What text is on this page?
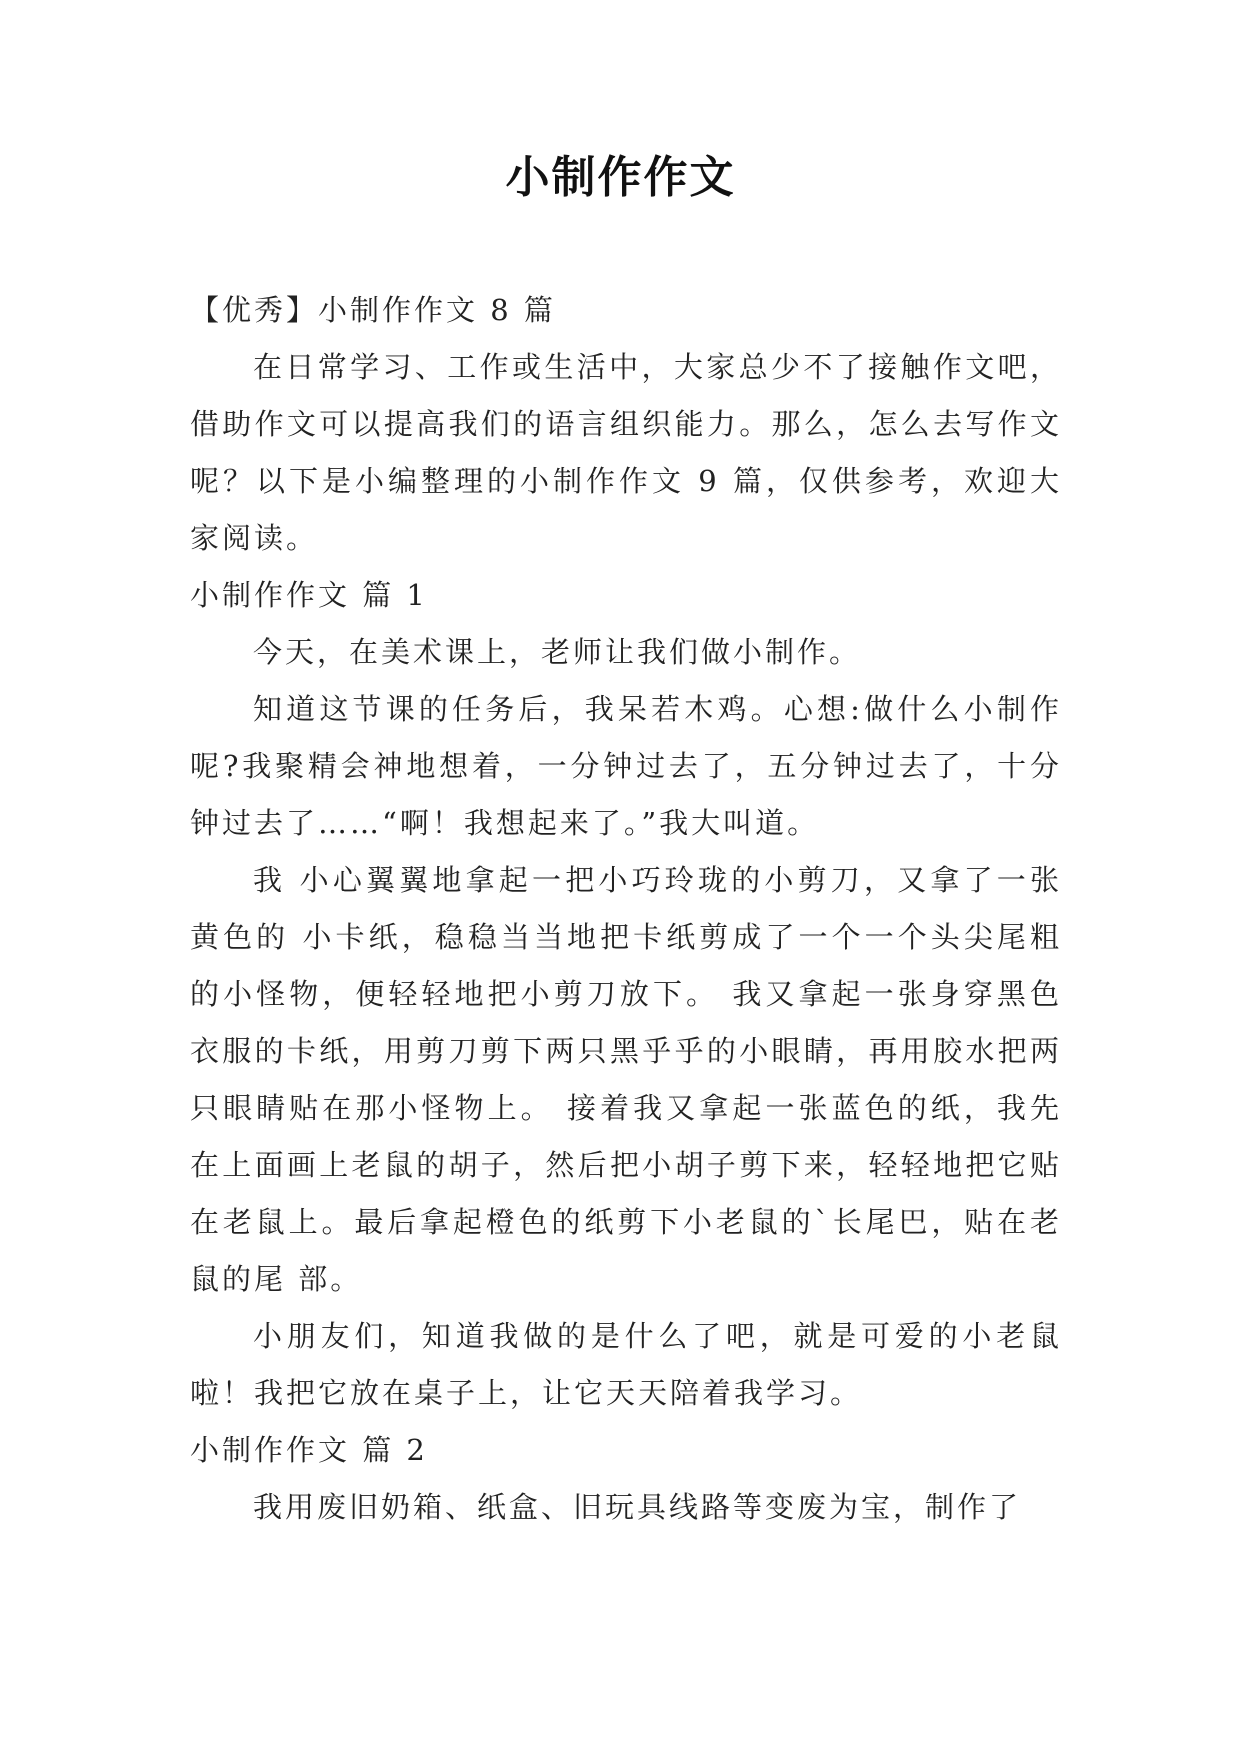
小制作作文

【优秀】小制作作文 8 篇

在日常学习、工作或生活中，大家总少不了接触作文吧，借助作文可以提高我们的语言组织能力。那么，怎么去写作文呢？以下是小编整理的小制作作文 9 篇，仅供参考，欢迎大家阅读。

小制作作文 篇 1

今天，在美术课上，老师让我们做小制作。

知道这节课的任务后，我呆若木鸡。心想:做什么小制作呢?我聚精会神地想着，一分钟过去了，五分钟过去了，十分钟过去了……“啊！我想起来了。”我大叫道。

我 小心翼翼地拿起一把小巧玲珑的小剪刀，又拿了一张黄色的 小卡纸，稳稳当当地把卡纸剪成了一个一个头尖尾粗的小怪物，便轻轻地把小剪刀放下。 我又拿起一张身穿黑色衣服的卡纸，用剪刀剪下两只黑乎乎的小眼睛，再用胶水把两只眼睛贴在那小怪物上。 接着我又拿起一张蓝色的纸，我先在上面画上老鼠的胡子，然后把小胡子剪下来，轻轻地把它贴在老鼠上。最后拿起橙色的纸剪下小老鼠的`长尾巴，贴在老鼠的尾 部。

小朋友们，知道我做的是什么了吧，就是可爱的小老鼠啦！我把它放在桌子上，让它天天陪着我学习。

小制作作文 篇 2

我用废旧奶箱、纸盒、旧玩具线路等变废为宝，制作了
